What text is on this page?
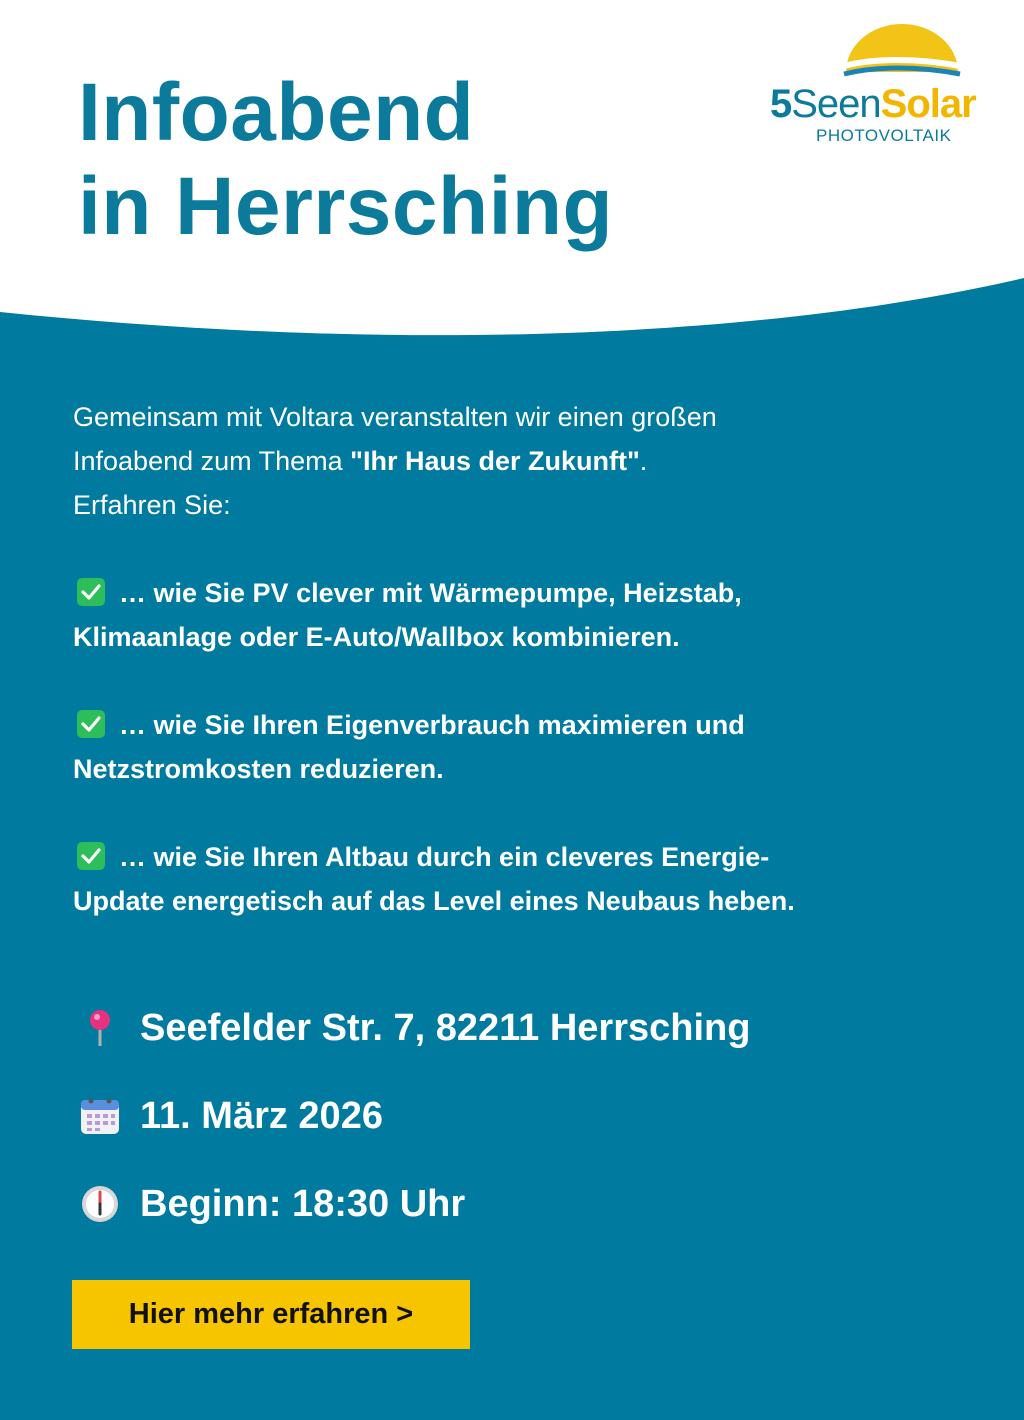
Infoabend
in Herrsching
5SeenSolar
PHOTOVOLTAIK

Gemeinsam mit Voltara veranstalten wir einen großen
Infoabend zum Thema "Ihr Haus der Zukunft".
Erfahren Sie:

… wie Sie PV clever mit Wärmepumpe, Heizstab,
Klimaanlage oder E-Auto/Wallbox kombinieren.
… wie Sie Ihren Eigenverbrauch maximieren und
Netzstromkosten reduzieren.
… wie Sie Ihren Altbau durch ein cleveres Energie-
Update energetisch auf das Level eines Neubaus heben.
Seefelder Str. 7, 82211 Herrsching
11. März 2026
Beginn: 18:30 Uhr
Hier mehr erfahren >
